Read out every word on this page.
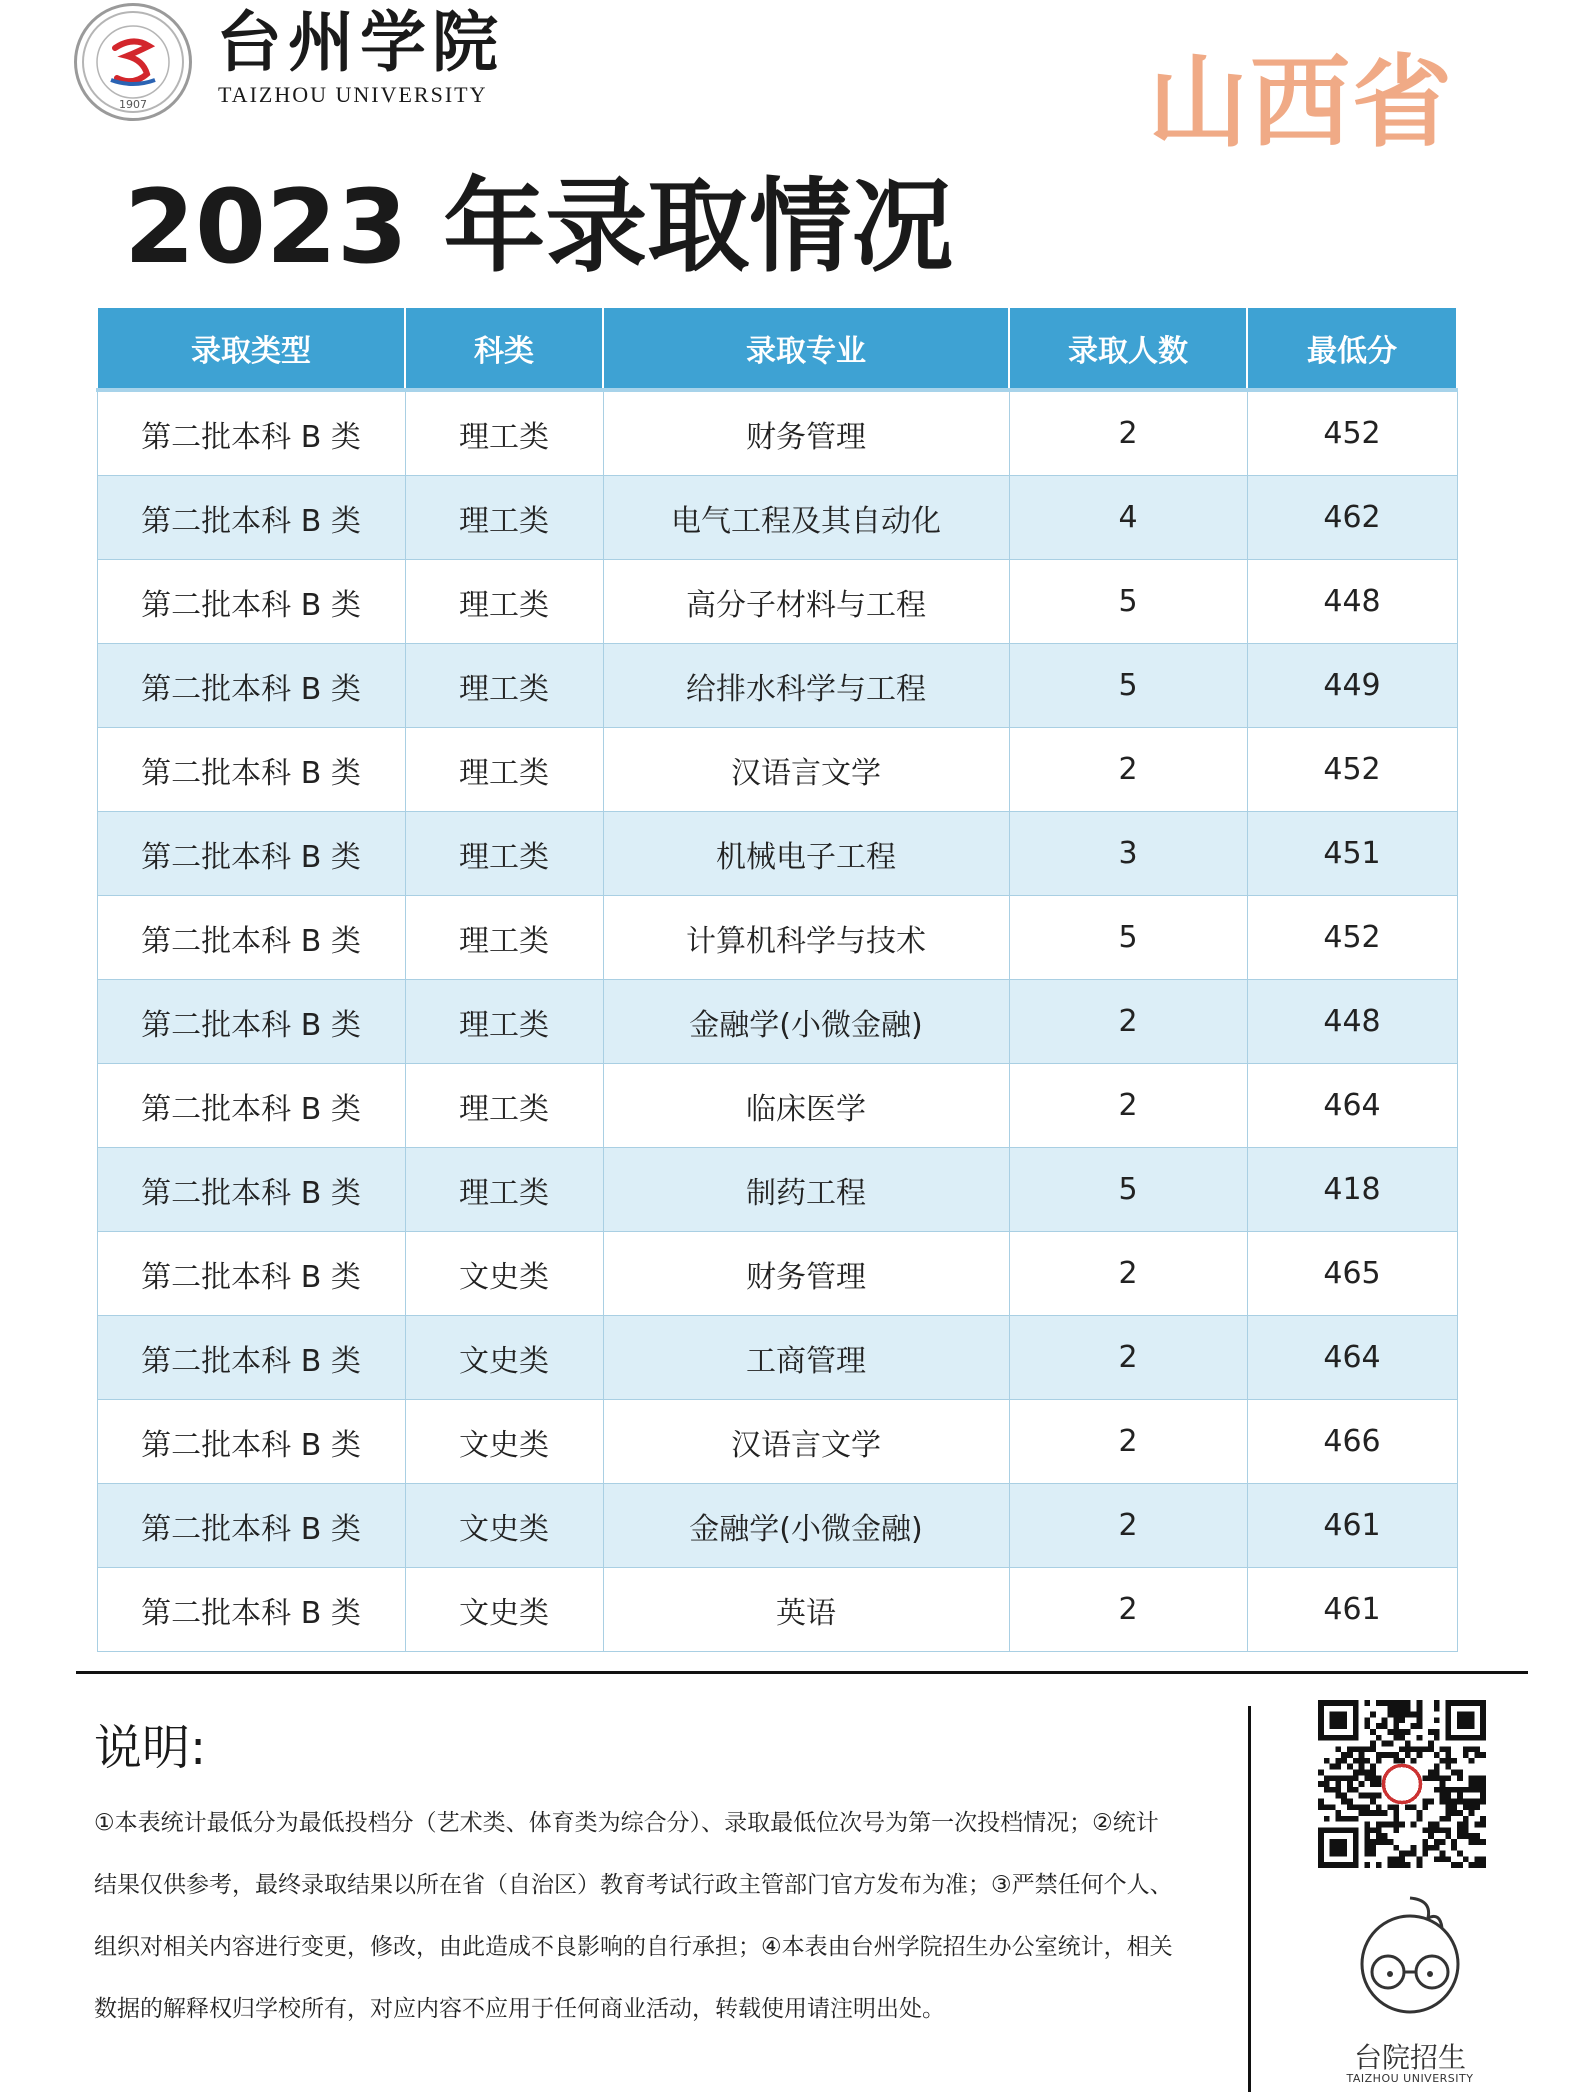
1907
台州学院
TAIZHOU UNIVERSITY	山西省
2023 年录取情况
录取类型	科类	录取专业	录取人数	最低分
第二批本科 B 类	理工类	财务管理	2	452
第二批本科 B 类	理工类	电气工程及其自动化	4	462
第二批本科 B 类	理工类	高分子材料与工程	5	448
第二批本科 B 类	理工类	给排水科学与工程	5	449
第二批本科 B 类	理工类	汉语言文学	2	452
第二批本科 B 类	理工类	机械电子工程	3	451
第二批本科 B 类	理工类	计算机科学与技术	5	452
第二批本科 B 类	理工类	金融学(小微金融)	2	448
第二批本科 B 类	理工类	临床医学	2	464
第二批本科 B 类	理工类	制药工程	5	418
第二批本科 B 类	文史类	财务管理	2	465
第二批本科 B 类	文史类	工商管理	2	464
第二批本科 B 类	文史类	汉语言文学	2	466
第二批本科 B 类	文史类	金融学(小微金融)	2	461
第二批本科 B 类	文史类	英语	2	461
说明:
①本表统计最低分为最低投档分（艺术类、体育类为综合分）、录取最低位次号为第一次投档情况；②统计
结果仅供参考，最终录取结果以所在省（自治区）教育考试行政主管部门官方发布为准；③严禁任何个人、
组织对相关内容进行变更，修改，由此造成不良影响的自行承担；④本表由台州学院招生办公室统计，相关
数据的解释权归学校所有，对应内容不应用于任何商业活动，转载使用请注明出处。
台院招生
TAIZHOU UNIVERSITY
